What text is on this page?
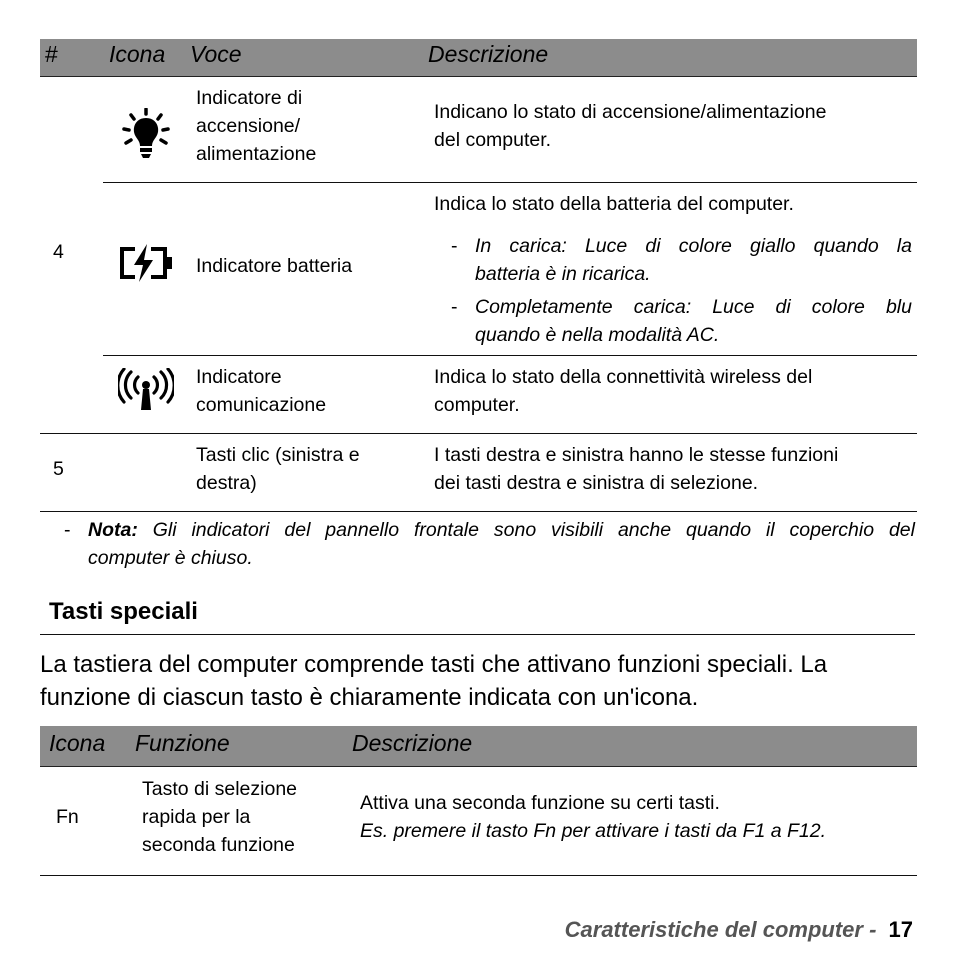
# Icona Voce	Descrizione
4
Indicatore di
accensione/
alimentazione
Indicano lo stato di accensione/alimentazione
del computer.
Indicatore batteria
Indica lo stato della batteria del computer.
- In carica: Luce di colore giallo quando la
batteria è in ricarica.
- Completamente carica: Luce di colore blu
quando è nella modalità AC.
Indicatore
comunicazione
Indica lo stato della connettività wireless del
computer.
5
Tasti clic (sinistra e
destra)
I tasti destra e sinistra hanno le stesse funzioni
dei tasti destra e sinistra di selezione.
- Nota: Gli indicatori del pannello frontale sono visibili anche quando il coperchio del
computer è chiuso.
Tasti speciali
La tastiera del computer comprende tasti che attivano funzioni speciali. La
funzione di ciascun tasto è chiaramente indicata con un'icona.
Icona Funzione	Descrizione
Fn
Tasto di selezione
rapida per la
seconda funzione
Attiva una seconda funzione su certi tasti.
Es. premere il tasto Fn per attivare i tasti da F1 a F12.
Caratteristiche del computer - 17
